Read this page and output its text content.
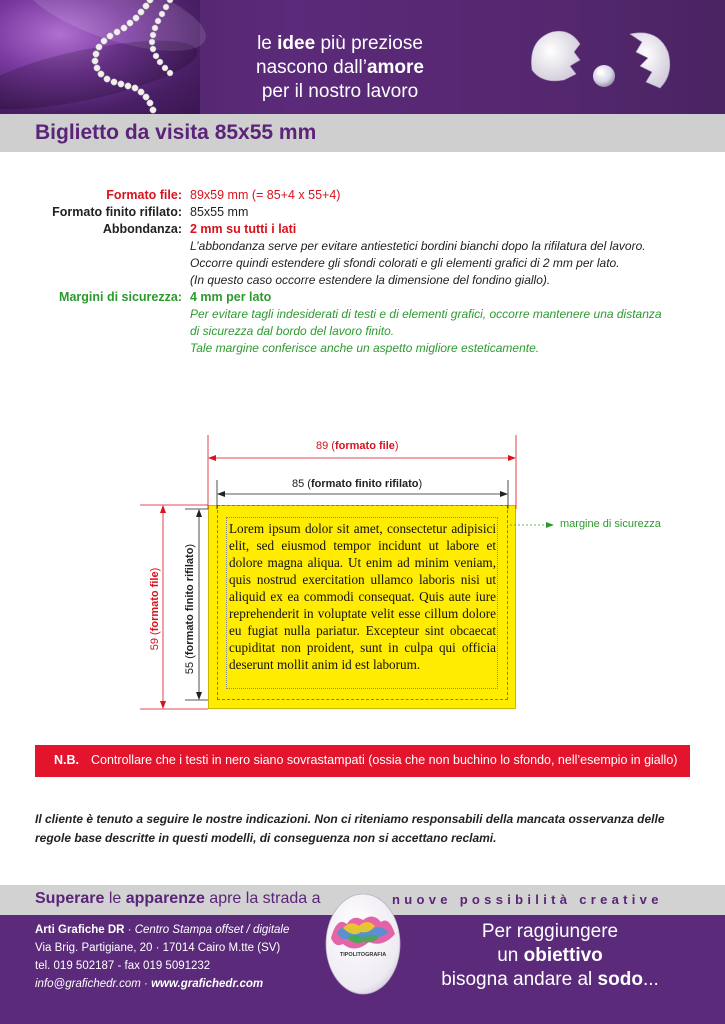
le idee più preziose
nascono dall’amore
per il nostro lavoro
Biglietto da visita 85x55 mm
Formato file: 89x59 mm (= 85+4 x 55+4)
Formato finito rifilato: 85x55 mm
Abbondanza: 2 mm su tutti i lati
L’abbondanza serve per evitare antiestetici bordini bianchi dopo la rifilatura del lavoro.
Occorre quindi estendere gli sfondi colorati e gli elementi grafici di 2 mm per lato.
(In questo caso occorre estendere la dimensione del fondino giallo).
Margini di sicurezza: 4 mm per lato
Per evitare tagli indesiderati di testi e di elementi grafici, occorre mantenere una distanza
di sicurezza dal bordo del lavoro finito.
Tale margine conferisce anche un aspetto migliore esteticamente.
Lorem ipsum dolor sit amet, consectetur adipisici elit, sed eiusmod tempor incidunt ut labore et dolore magna aliqua. Ut enim ad minim veniam, quis nostrud exercitation ullamco laboris nisi ut aliquid ex ea commodi consequat. Quis aute iure reprehenderit in voluptate velit esse cillum dolore eu fugiat nulla pariatur. Excepteur sint obcaecat cupiditat non proident, sunt in culpa qui officia deserunt mollit anim id est laborum.
89 (formato file)
85 (formato finito rifilato)
59 (formato file)
55 (formato finito rifilato)
margine di sicurezza
N.B. Controllare che i testi in nero siano sovrastampati (ossia che non buchino lo sfondo, nell’esempio in giallo)
Il cliente è tenuto a seguire le nostre indicazioni. Non ci riteniamo responsabili della mancata osservanza delle regole base descritte in questi modelli, di conseguenza non si accettano reclami.
Superare le apparenze apre la strada a	nuove possibilità creative
Arti Grafiche DR · Centro Stampa offset / digitale
Via Brig. Partigiane, 20 · 17014 Cairo M.tte (SV)
tel. 019 502187 - fax 019 5091232
info@grafichedr.com · www.grafichedr.com
Per raggiungere
un obiettivo
bisogna andare al sodo...
TIPOLITOGRAFIA
